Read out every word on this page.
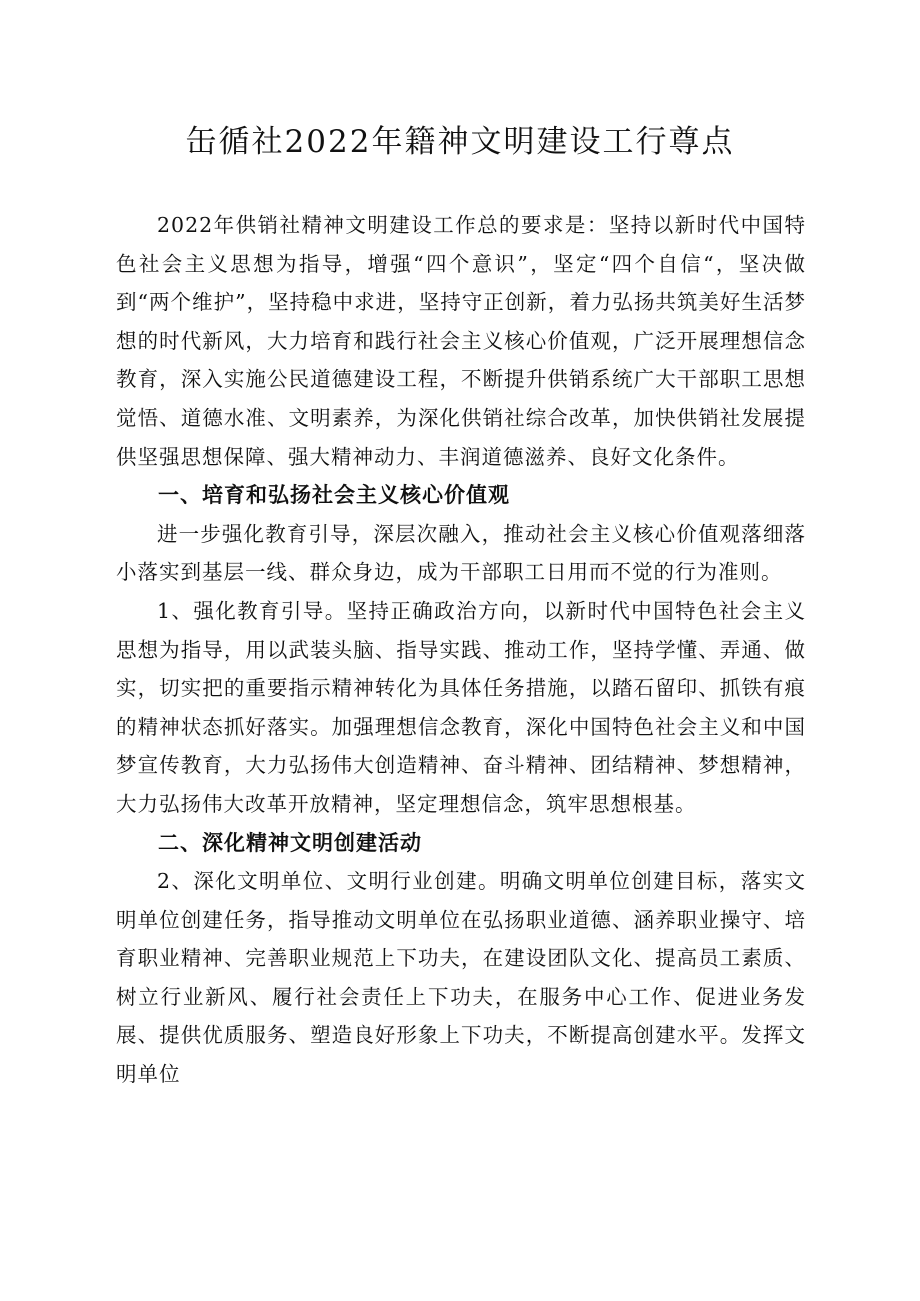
缶循社2022年籍神文明建设工行尊点

2022年供销社精神文明建设工作总的要求是：坚持以新时代中国特色社会主义思想为指导，增强“四个意识”，坚定“四个自信“，坚决做到“两个维护”，坚持稳中求进，坚持守正创新，着力弘扬共筑美好生活梦想的时代新风，大力培育和践行社会主义核心价值观，广泛开展理想信念教育，深入实施公民道德建设工程，不断提升供销系统广大干部职工思想觉悟、道德水准、文明素养，为深化供销社综合改革，加快供销社发展提供坚强思想保障、强大精神动力、丰润道德滋养、良好文化条件。

一、培育和弘扬社会主义核心价值观

进一步强化教育引导，深层次融入，推动社会主义核心价值观落细落小落实到基层一线、群众身边，成为干部职工日用而不觉的行为准则。

1、强化教育引导。坚持正确政治方向，以新时代中国特色社会主义思想为指导，用以武装头脑、指导实践、推动工作，坚持学懂、弄通、做实，切实把的重要指示精神转化为具体任务措施，以踏石留印、抓铁有痕的精神状态抓好落实。加强理想信念教育，深化中国特色社会主义和中国梦宣传教育，大力弘扬伟大创造精神、奋斗精神、团结精神、梦想精神，大力弘扬伟大改革开放精神，坚定理想信念，筑牢思想根基。

二、深化精神文明创建活动

2、深化文明单位、文明行业创建。明确文明单位创建目标，落实文明单位创建任务，指导推动文明单位在弘扬职业道德、涵养职业操守、培育职业精神、完善职业规范上下功夫，在建设团队文化、提高员工素质、树立行业新风、履行社会责任上下功夫，在服务中心工作、促进业务发展、提供优质服务、塑造良好形象上下功夫，不断提高创建水平。发挥文明单位
